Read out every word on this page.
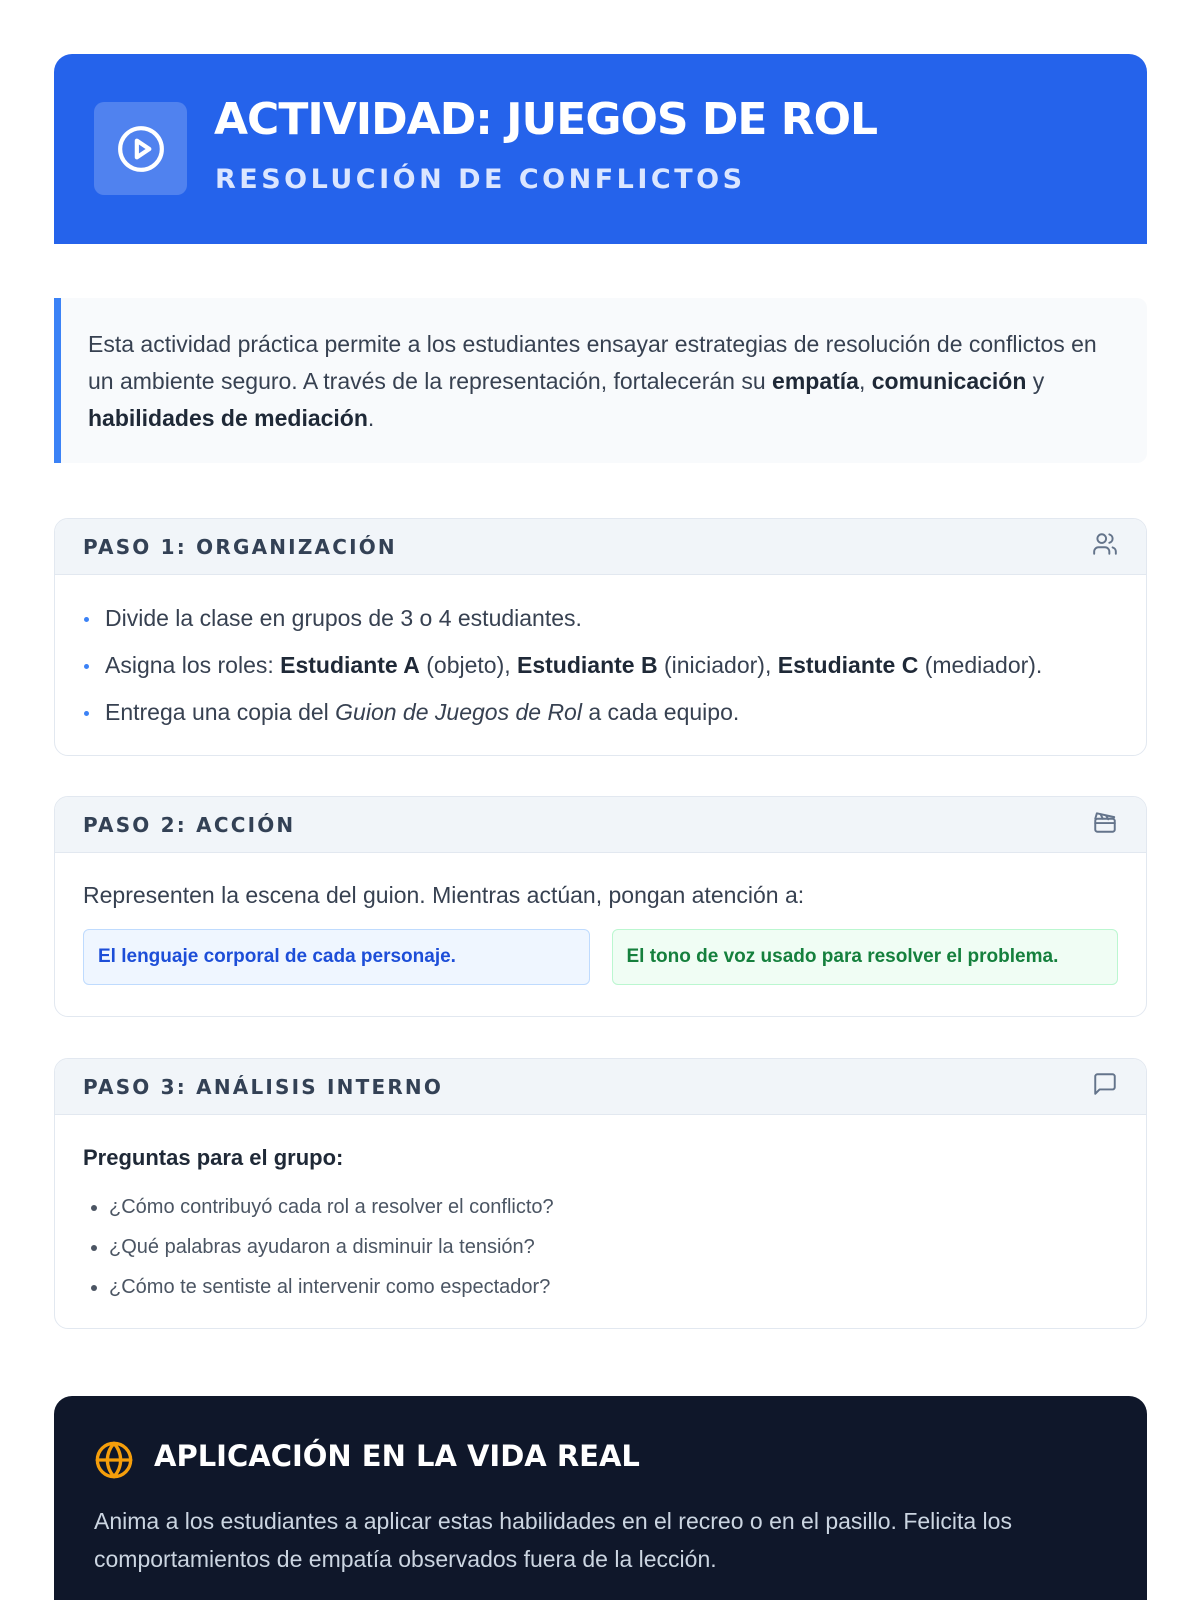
ACTIVIDAD: JUEGOS DE ROL
RESOLUCIÓN DE CONFLICTOS
Esta actividad práctica permite a los estudiantes ensayar estrategias de resolución de conflictos en un ambiente seguro. A través de la representación, fortalecerán su empatía, comunicación y habilidades de mediación.
PASO 1: ORGANIZACIÓN
Divide la clase en grupos de 3 o 4 estudiantes.
Asigna los roles: Estudiante A (objeto), Estudiante B (iniciador), Estudiante C (mediador).
Entrega una copia del Guion de Juegos de Rol a cada equipo.
PASO 2: ACCIÓN

Representen la escena del guion. Mientras actúan, pongan atención a:

El lenguaje corporal de cada personaje.	El tono de voz usado para resolver el problema.
PASO 3: ANÁLISIS INTERNO

Preguntas para el grupo:

• ¿Cómo contribuyó cada rol a resolver el conflicto?
• ¿Qué palabras ayudaron a disminuir la tensión?
• ¿Cómo te sentiste al intervenir como espectador?
APLICACIÓN EN LA VIDA REAL

Anima a los estudiantes a aplicar estas habilidades en el recreo o en el pasillo. Felicita los comportamientos de empatía observados fuera de la lección.
